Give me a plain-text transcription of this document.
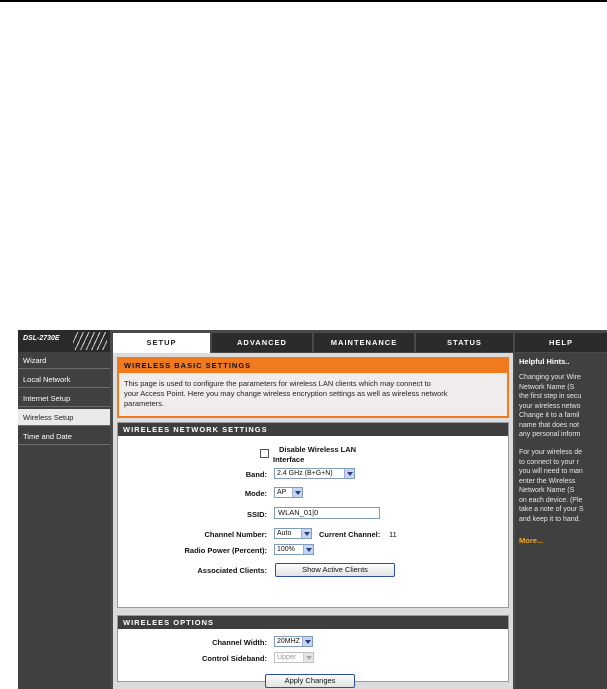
DSL-2730E	SETUP	ADVANCED	MAINTENANCE	STATUS	HELP
Wizard
Local Network
Internet Setup
Wireless Setup
Time and Date
WIRELESS BASIC SETTINGS
This page is used to configure the parameters for wireless LAN clients which may connect to
your Access Point. Here you may change wireless encryption settings as well as wireless network
parameters.
WIRELEES NETWORK SETTINGS
Disable Wireless LAN
Interface
Band:	2.4 GHz (B+G+N)
Mode:	AP
SSID:	WLAN_01|0
Channel Number:	Auto	Current Channel: 11
Radio Power (Percent):	100%
Associated Clients:	Show Active Clients
WIRELEES OPTIONS
Channel Width:	20MHZ
Control Sideband:	Upper
Apply Changes
Helpful Hints..
Changing your Wire
Network Name (S
the first step in secu
your wireless netwo
Change it to a famil
name that does not
any personal inform
For your wireless de
to connect to your r
you will need to man
enter the Wireless
Network Name (S
on each device. (Ple
take a note of your S
and keep it to hand.
More...
